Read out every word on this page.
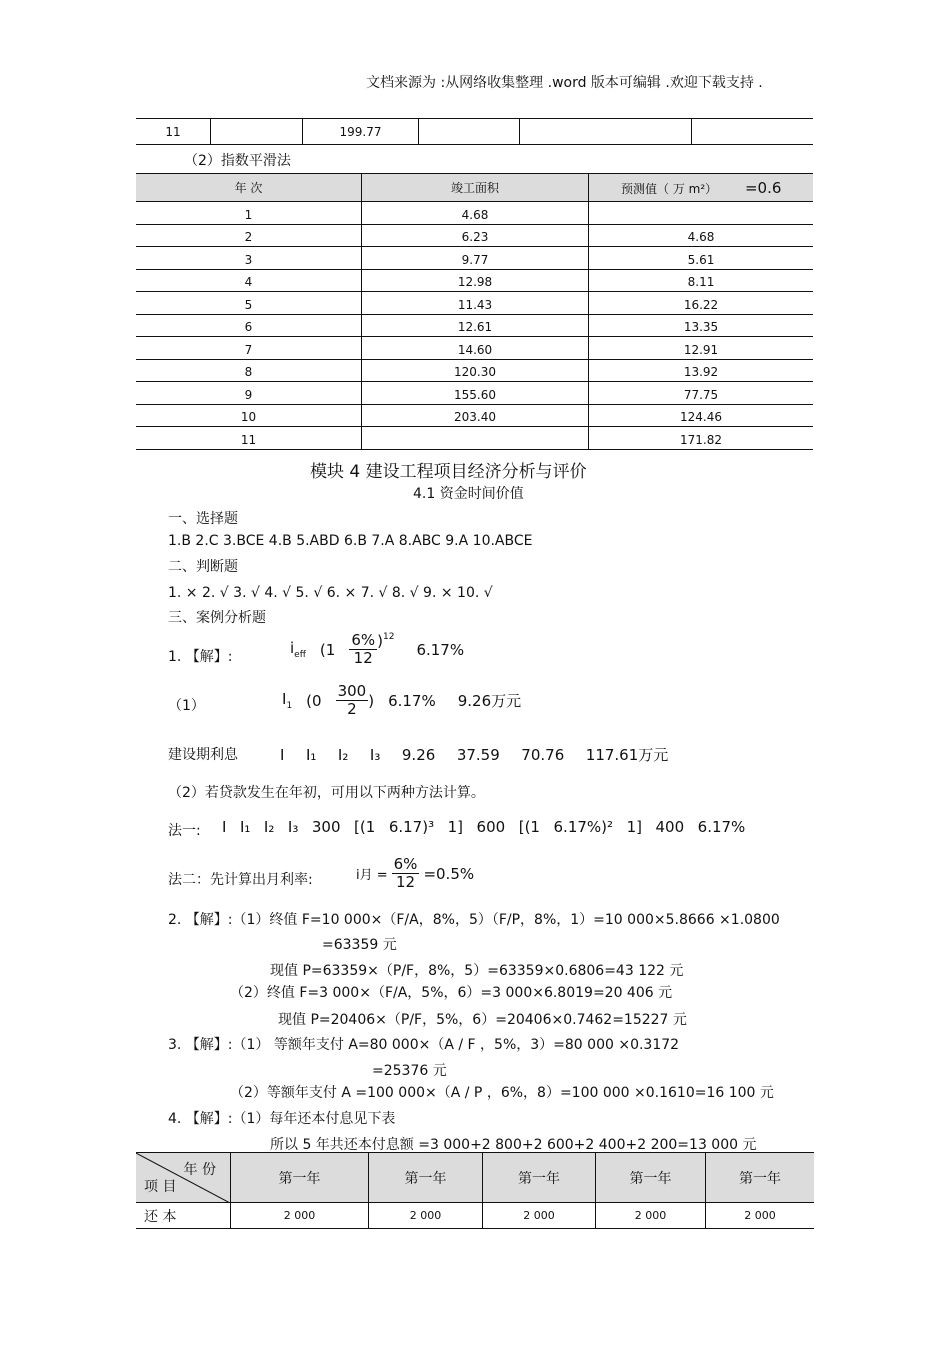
文档来源为 :从网络收集整理 .word 版本可编辑 .欢迎下载支持 .
11		199.77			
（2）指数平滑法
年 次	竣工面积	预测值（ 万 m²） =0.6
1	4.68	
2	6.23	4.68
3	9.77	5.61
4	12.98	8.11
5	11.43	16.22
6	12.61	13.35
7	14.60	12.91
8	120.30	13.92
9	155.60	77.75
10	203.40	124.46
11		171.82
模块 4 建设工程项目经济分析与评价
4.1 资金时间价值
一、选择题
1.B 2.C 3.BCE 4.B 5.ABD 6.B 7.A 8.ABC 9.A 10.ABCE
二、判断题
1. × 2. √ 3. √ 4. √ 5. √ 6. × 7. √ 8. √ 9. × 10. √
三、案例分析题
1. 【解】:	$i_{eff}$ $(1 \frac{6\%}{12} )^{12}$
6.17%
（1）	$I_1$ ($0 \frac{300}{2}$ ) 6.17% 9.26万元
建设期利息	I  I₁  I₂  I₃  9.26  37.59  70.76  117.61万元
（2）若贷款发生在年初，可用以下两种方法计算。
法一: I  I₁  I₂  I₃  300  [(1  6.17)³  1]  600  [(1  6.17%)²  1]  400  6.17%
法二：先计算出月利率:	i月 = $\frac{6\%}{12} =0.5\%$
2. 【解】:（1）终值 F=10 000×（F/A，8%，5）（F/P，8%，1）=10 000×5.8666 ×1.0800
=63359 元
现值 P=63359×（P/F，8%，5）=63359×0.6806=43 122 元
（2）终值 F=3 000×（F/A，5%，6）=3 000×6.8019=20 406 元
现值 P=20406×（P/F，5%，6）=20406×0.7462=15227 元
3. 【解】:（1） 等额年支付 A=80 000×（A / F ，5%，3）=80 000 ×0.3172
=25376 元
（2）等额年支付 A =100 000×（A / P ，6%，8）=100 000 ×0.1610=16 100 元
4. 【解】:（1）每年还本付息见下表
所以 5 年共还本付息额 =3 000+2 800+2 600+2 400+2 200=13 000 元
年 份
项 目	第一年	第一年	第一年	第一年	第一年
还 本	2 000	2 000	2 000	2 000	2 000
